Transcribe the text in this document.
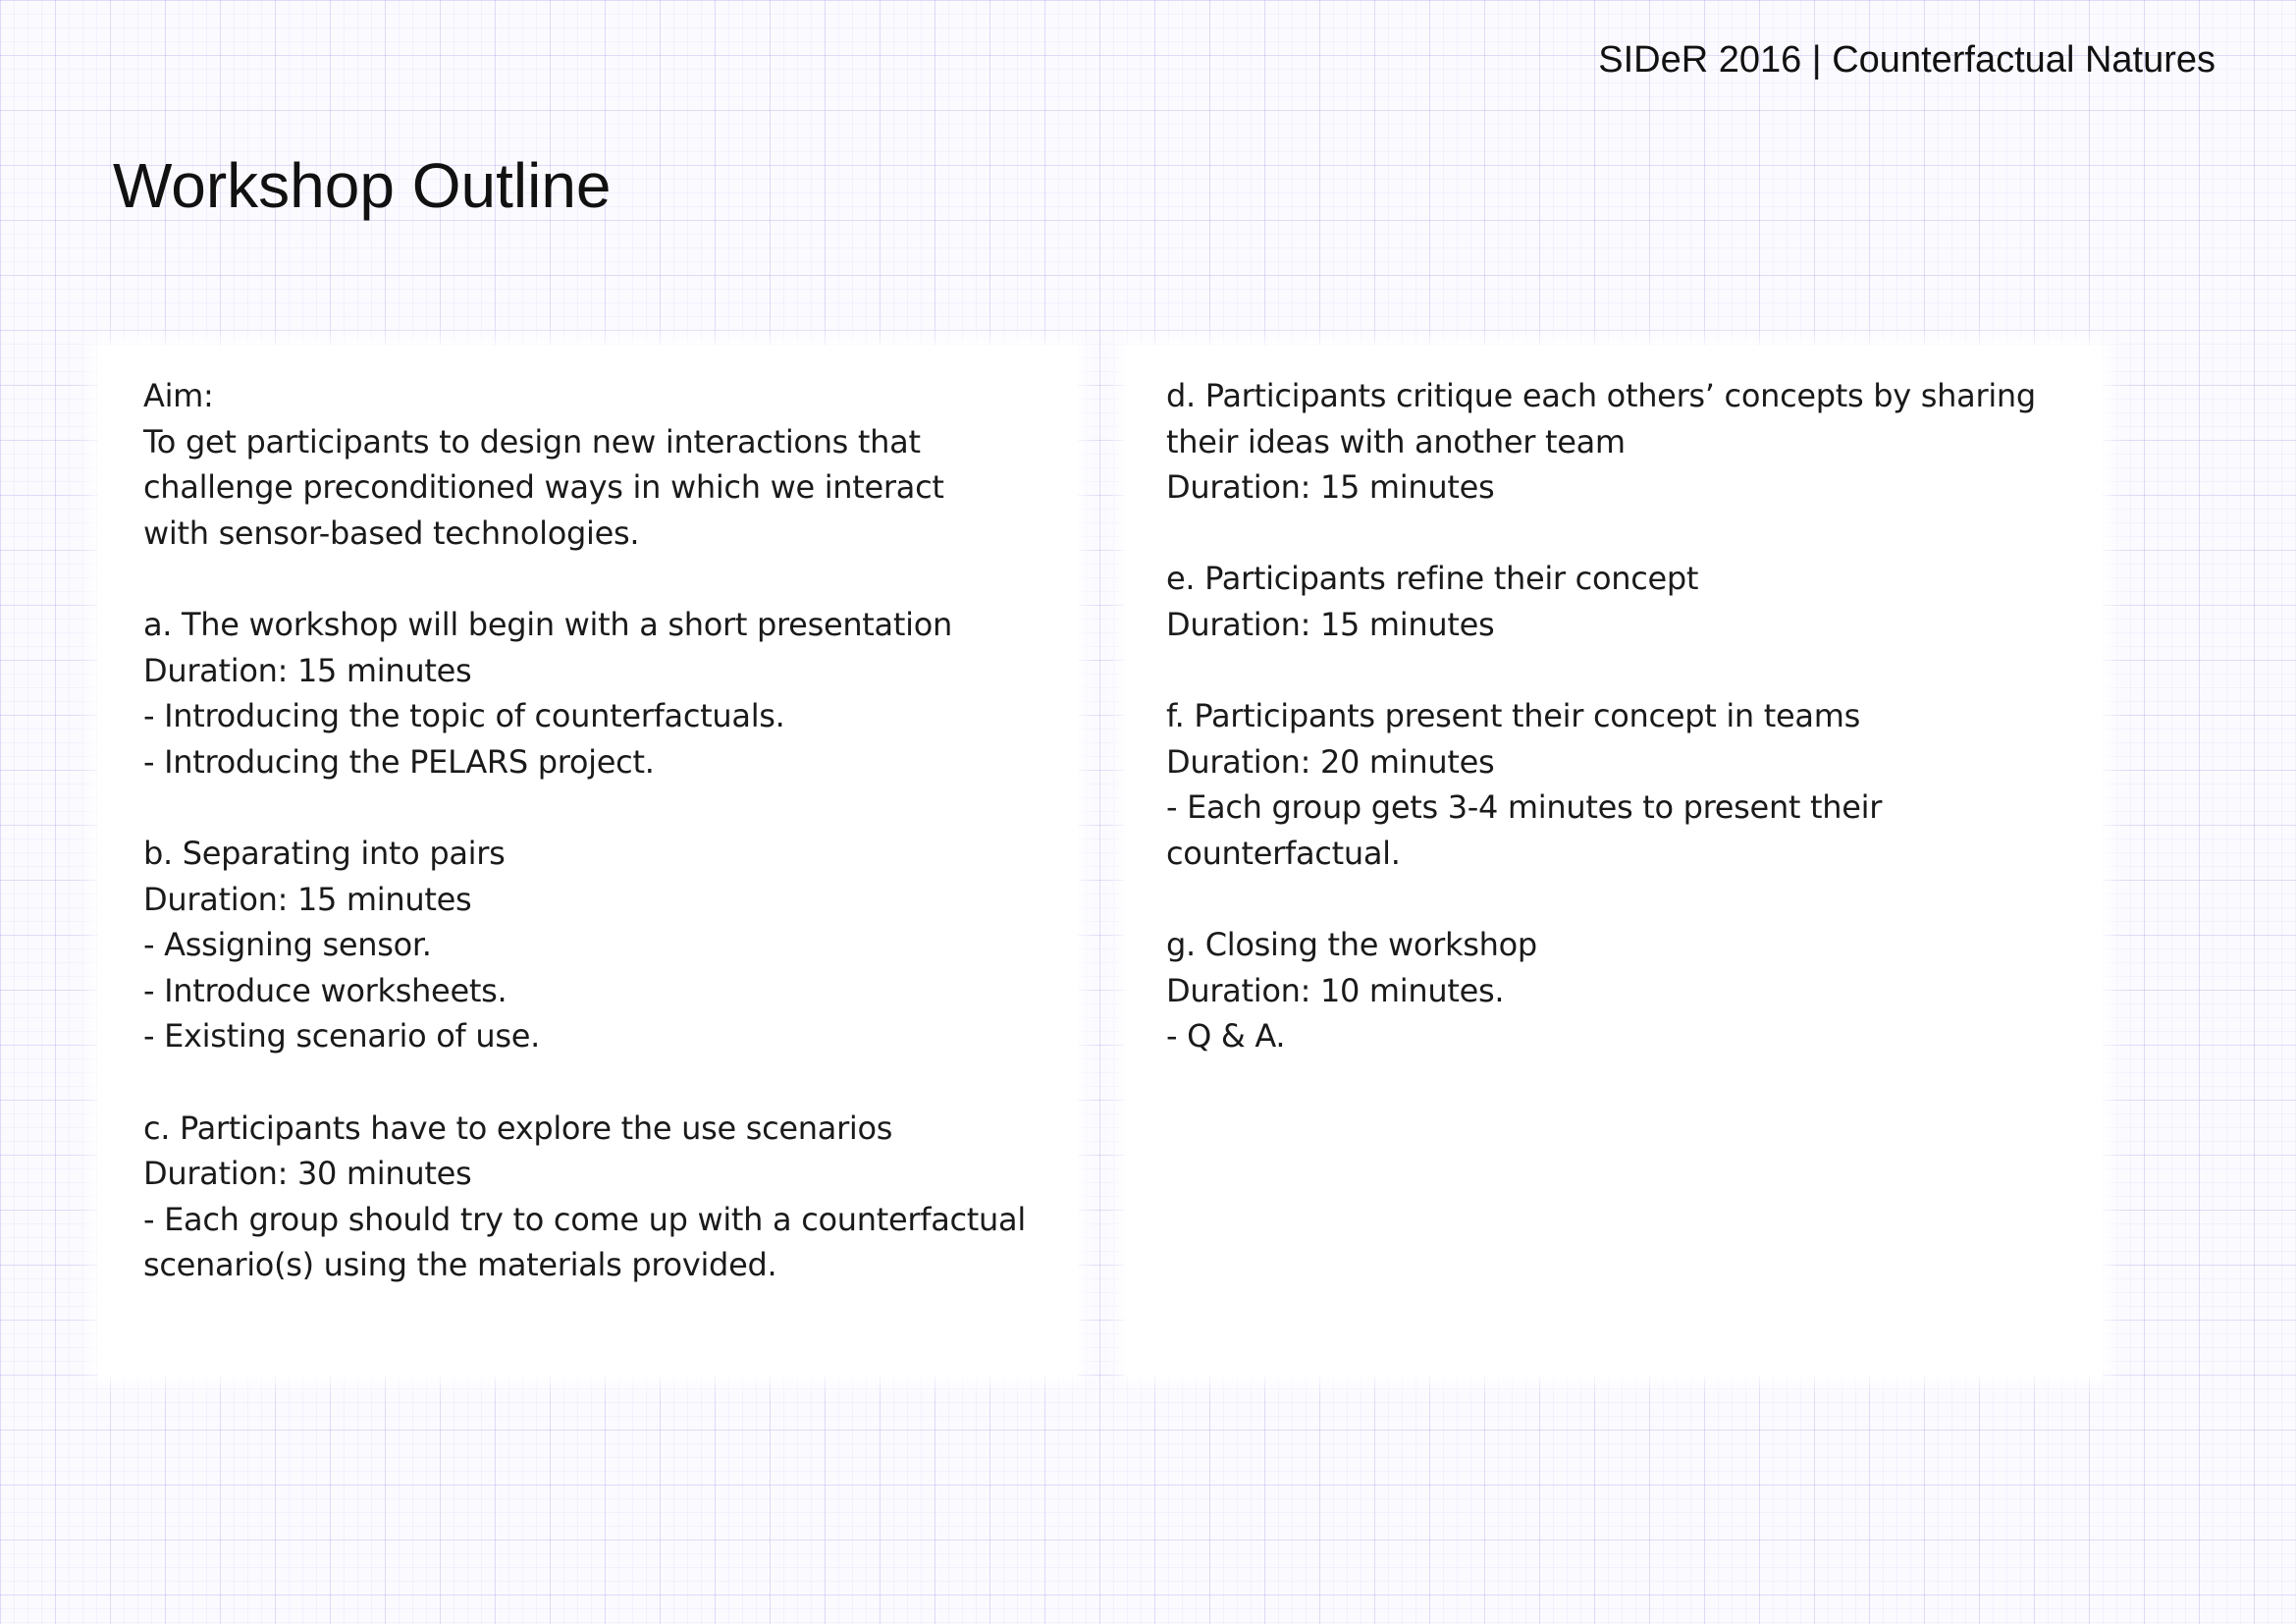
SIDeR 2016 | Counterfactual Natures
Workshop Outline

Aim:

To get participants to design new interactions that

challenge preconditioned ways in which we interact

with sensor-based technologies.

a. The workshop will begin with a short presentation

Duration: 15 minutes

- Introducing the topic of counterfactuals.

- Introducing the PELARS project.

b. Separating into pairs

Duration: 15 minutes

- Assigning sensor.

- Introduce worksheets.

- Existing scenario of use.

c. Participants have to explore the use scenarios

Duration: 30 minutes

- Each group should try to come up with a counterfactual

scenario(s) using the materials provided.

d. Participants critique each others’ concepts by sharing

their ideas with another team

Duration: 15 minutes

e. Participants refine their concept

Duration: 15 minutes

f. Participants present their concept in teams

Duration: 20 minutes

- Each group gets 3-4 minutes to present their

counterfactual.

g. Closing the workshop

Duration: 10 minutes.

- Q & A.
